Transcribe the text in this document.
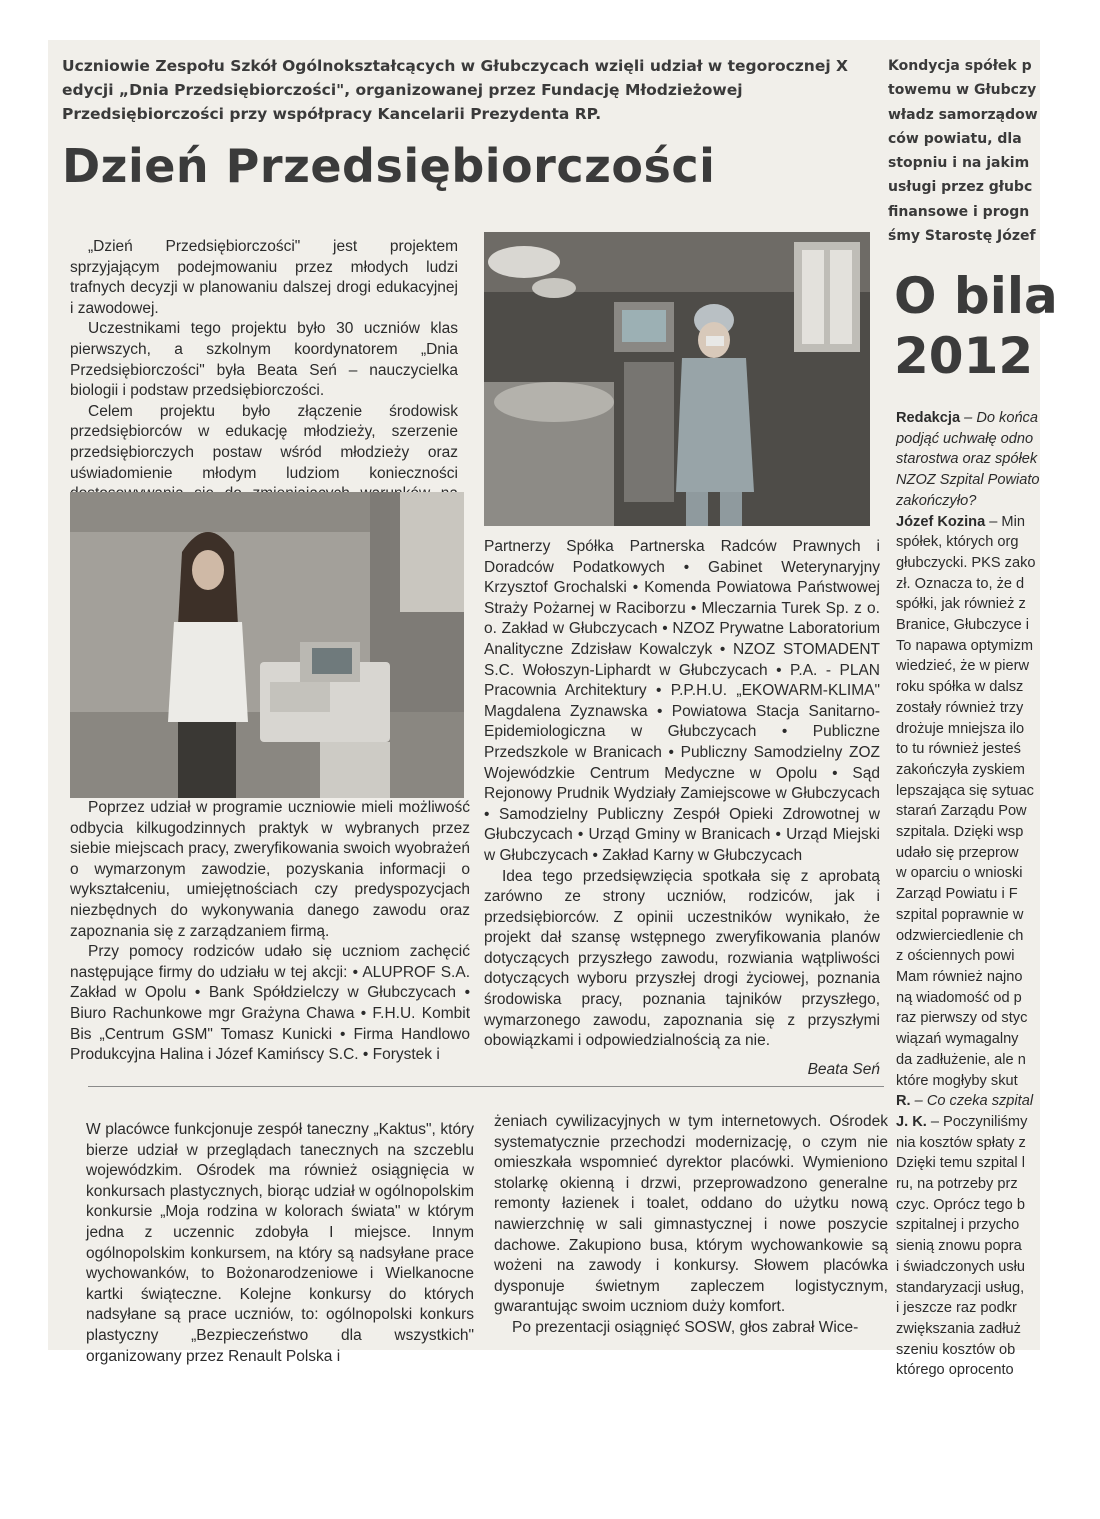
Uczniowie Zespołu Szkół Ogólnokształcących w Głubczycach wzięli udział w tegorocznej X edycji „Dnia Przedsiębiorczości", organizowanej przez Fundację Młodzieżowej Przedsiębiorczości przy współpracy Kancelarii Prezydenta RP.
Dzień Przedsiębiorczości

„Dzień Przedsiębiorczości" jest projektem sprzyjającym podejmowaniu przez młodych ludzi trafnych decyzji w planowaniu dalszej drogi edukacyjnej i zawodowej.

Uczestnikami tego projektu było 30 uczniów klas pierwszych, a szkolnym koordynatorem „Dnia Przedsiębiorczości" była Beata Seń – nauczycielka biologii i podstaw przedsiębiorczości.

Celem projektu było złączenie środowisk przedsiębiorców w edukację młodzieży, szerzenie przedsiębiorczych postaw wśród młodzieży oraz uświadomienie młodym ludziom konieczności

Poprzez udział w programie uczniowie mieli możliwość odbycia kilkugodzinnych praktyk w wybranych przez siebie miejscach pracy, zweryfikowania swoich wyobrażeń o wymarzonym zawodzie, pozyskania informacji o wykształceniu, umiejętnościach czy predyspozycjach niezbędnych do wykonywania danego zawodu oraz zapoznania się z zarządzaniem firmą.

Przy pomocy rodziców udało się uczniom zachęcić następujące firmy do udziału w tej akcji: • ALUPROF S.A. Zakład w Opolu • Bank Spółdzielczy w Głubczycach • Biuro Rachunkowe mgr Grażyna Chawa • F.H.U. Kombit Bis „Centrum GSM" Tomasz Kunicki • Firma Handlowo Produkcyjna Halina i Józef Kamińscy S.C. • Forystek i

Partnerzy Spółka Partnerska Radców Prawnych i Doradców Podatkowych • Gabinet Weterynaryjny Krzysztof Grochalski • Komenda Powiatowa Państwowej Straży Pożarnej w Raciborzu • Mleczarnia Turek Sp. z o. o. Zakład w Głubczycach • NZOZ Prywatne Laboratorium Analityczne Zdzisław Kowalczyk • NZOZ STOMADENT S.C. Wołoszyn-Liphardt w Głubczycach • P.A. - PLAN Pracownia Architektury • P.P.H.U. „EKOWARM-KLIMA" Magdalena Zyznawska • Powiatowa Stacja Sanitarno-Epidemiologiczna w Głubczycach • Publiczne Przedszkole w Branicach • Publiczny Samodzielny ZOZ Wojewódzkie Centrum Medyczne w Opolu • Sąd Rejonowy Prudnik Wydziały Zamiejscowe w Głubczycach • Samodzielny Publiczny Zespół Opieki Zdrowotnej w Głubczycach • Urząd Gminy w Branicach • Urząd Miejski w Głubczycach • Zakład Karny w Głubczycach

Idea tego przedsięwzięcia spotkała się z aprobatą zarówno ze strony uczniów, rodziców, jak i przedsiębiorców. Z opinii uczestników wynikało, że projekt dał szansę wstępnego zweryfikowania planów dotyczących przyszłego zawodu, rozwiania wątpliwości dotyczących wyboru przyszłej drogi życiowej, poznania środowiska pracy, poznania tajników przyszłego, wymarzonego zawodu, zapoznania się z przyszłymi obowiązkami i odpowiedzialnością za nie.

Beata Seń

W placówce funkcjonuje zespół taneczny „Kaktus", który bierze udział w przeglądach tanecznych na szczeblu wojewódzkim. Ośrodek ma również osiągnięcia w konkursach plastycznych, biorąc udział w ogólnopolskim konkursie „Moja rodzina w kolorach świata" w którym jedna z uczennic zdobyła I miejsce. Innym ogólnopolskim konkursem, na który są nadsyłane prace wychowanków, to Bożonarodzeniowe i Wielkanocne kartki świąteczne. Kolejne konkursy do których nadsyłane są prace uczniów, to: ogólnopolski konkurs plastyczny „Bezpieczeństwo dla wszystkich" organizowany przez Renault Polska i

żeniach cywilizacyjnych w tym internetowych. Ośrodek systematycznie przechodzi modernizację, o czym nie omieszkała wspomnieć dyrektor placówki. Wymieniono stolarkę okienną i drzwi, przeprowadzono generalne remonty łazienek i toalet, oddano do użytku nową nawierzchnię w sali gimnastycznej i nowe poszycie dachowe. Zakupiono busa, którym wychowankowie są wożeni na zawody i konkursy. Słowem placówka dysponuje świetnym zapleczem logistycznym, gwarantując swoim uczniom duży komfort.

Po prezentacji osiągnięć SOSW, głos zabrał Wice-

Kondycja spółek p
towemu w Głubczy
władz samorządow
ców powiatu, dla
stopniu i na jakim
usługi przez głubc
finansowe i progn
śmy Starostę Józef
O bila
2012
Redakcja – Do końca
podjąć uchwałę odno
starostwa oraz spółek
NZOZ Szpital Powiato
zakończyło?
Józef Kozina – Min
spółek, których org
głubczycki. PKS zako
zł. Oznacza to, że d
spółki, jak również z
Branice, Głubczyce i
To napawa optymizm
wiedzieć, że w pierw
roku spółka w dalsz
zostały również trzy
drożuje mniejsza ilo
to tu również jesteś
zakończyła zyskiem
lepszająca się sytuac
starań Zarządu Pow
szpitala. Dzięki wsp
udało się przeprow
w oparciu o wnioski
Zarząd Powiatu i F
szpital poprawnie w
odzwierciedlenie ch
z ościennych powi
Mam również najno
ną wiadomość od p
raz pierwszy od styc
wiązań wymagalny
da zadłużenie, ale n
które mogłyby skut
R. – Co czeka szpital
J. K. – Poczyniliśmy
nia kosztów spłaty z
Dzięki temu szpital l
ru, na potrzeby prz
czyc. Oprócz tego b
szpitalnej i przycho
sienią znowu popra
i świadczonych usłu
standaryzacji usług,
i jeszcze raz podkr
zwiększania zadłuż
szeniu kosztów ob
którego oprocento
